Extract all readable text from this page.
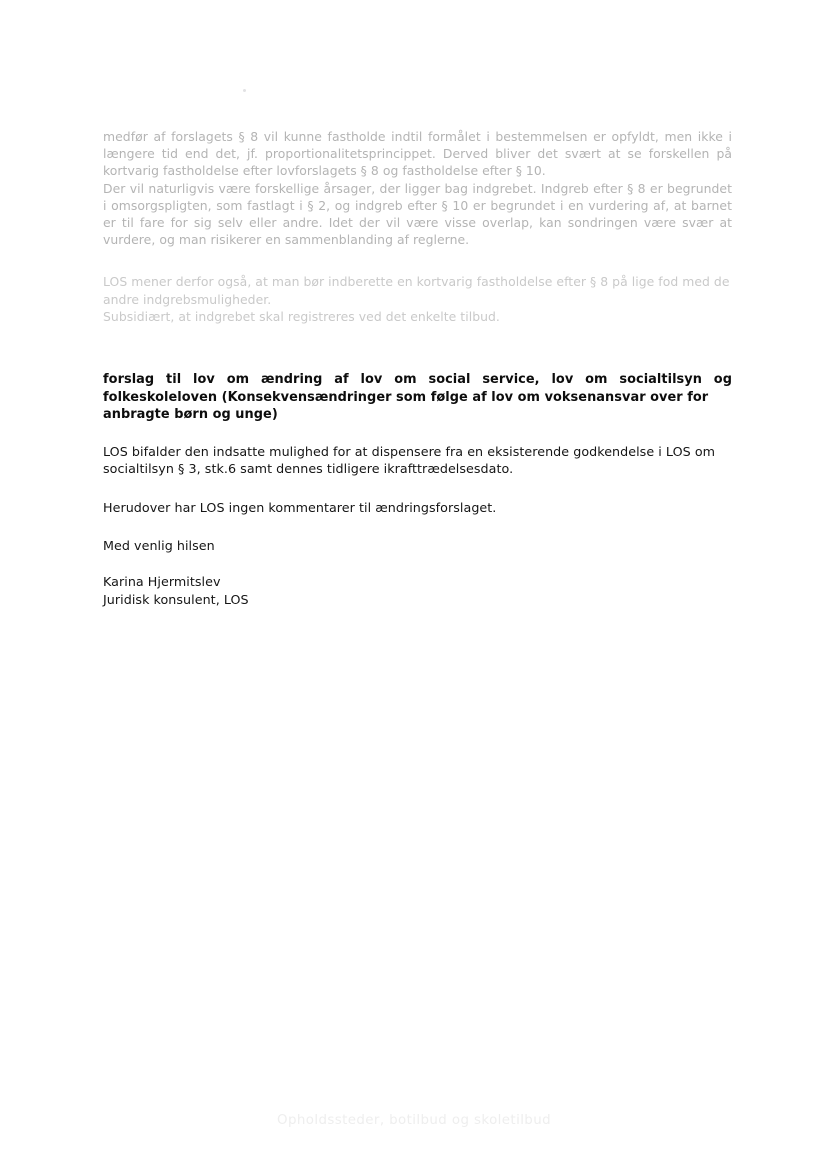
medfør af forslagets § 8 vil kunne fastholde indtil formålet i bestemmelsen er opfyldt, men ikke i længere tid end det, jf. proportionalitetsprincippet. Derved bliver det svært at se forskellen på kortvarig fastholdelse efter lovforslagets § 8 og fastholdelse efter § 10.

Der vil naturligvis være forskellige årsager, der ligger bag indgrebet. Indgreb efter § 8 er begrundet i omsorgspligten, som fastlagt i § 2, og indgreb efter § 10 er begrundet i en vurdering af, at barnet er til fare for sig selv eller andre. Idet der vil være visse overlap, kan sondringen være svær at vurdere, og man risikerer en sammenblanding af reglerne.

LOS mener derfor også, at man bør indberette en kortvarig fastholdelse efter § 8 på lige fod med de andre indgrebsmuligheder.

Subsidiært, at indgrebet skal registreres ved det enkelte tilbud.

forslag til lov om ændring af lov om social service, lov om socialtilsyn og folkeskoleloven (Konsekvensændringer som følge af lov om voksenansvar over for
anbragte børn og unge)

LOS bifalder den indsatte mulighed for at dispensere fra en eksisterende godkendelse i LOS om socialtilsyn § 3, stk.6 samt dennes tidligere ikrafttrædelsesdato.

Herudover har LOS ingen kommentarer til ændringsforslaget.

Med venlig hilsen

Karina Hjermitslev

Juridisk konsulent, LOS

Opholdssteder, botilbud og skoletilbud
